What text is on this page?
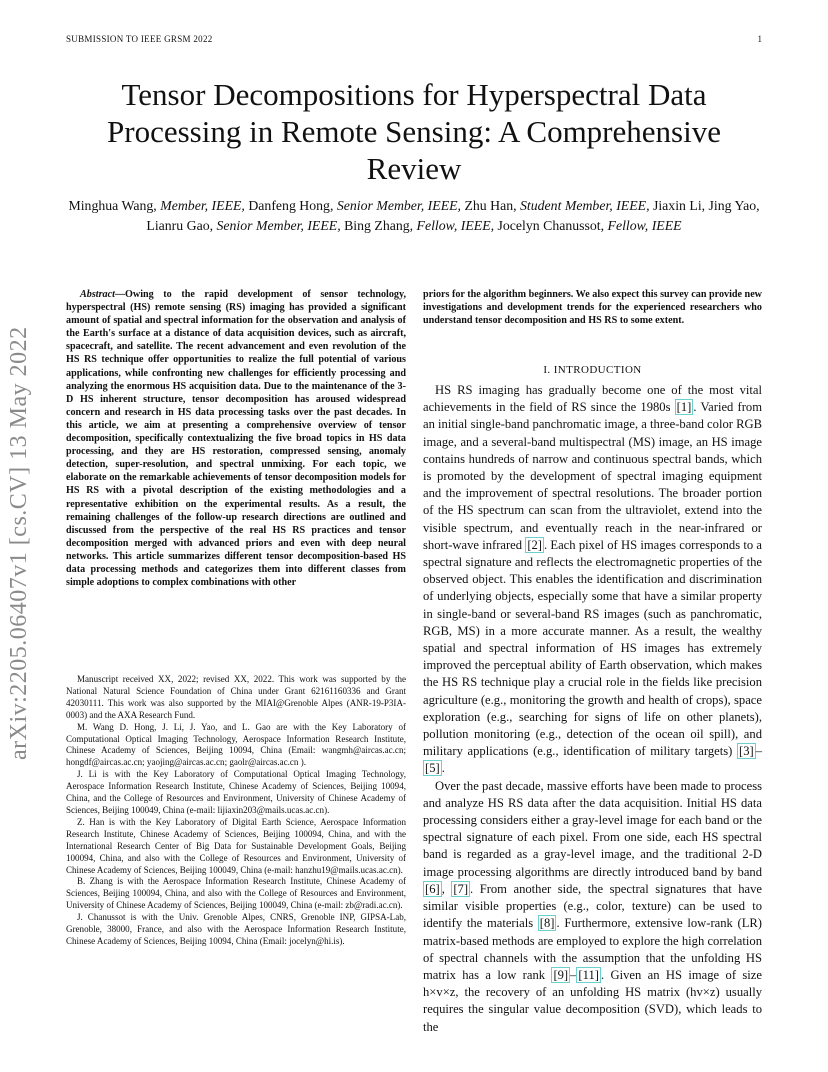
SUBMISSION TO IEEE GRSM 2022	1
arXiv:2205.06407v1 [cs.CV] 13 May 2022
Tensor Decompositions for Hyperspectral Data Processing in Remote Sensing: A Comprehensive Review
Minghua Wang, Member, IEEE, Danfeng Hong, Senior Member, IEEE, Zhu Han, Student Member, IEEE, Jiaxin Li, Jing Yao, Lianru Gao, Senior Member, IEEE, Bing Zhang, Fellow, IEEE, Jocelyn Chanussot, Fellow, IEEE
Abstract—Owing to the rapid development of sensor technology, hyperspectral (HS) remote sensing (RS) imaging has provided a significant amount of spatial and spectral information for the observation and analysis of the Earth's surface at a distance of data acquisition devices, such as aircraft, spacecraft, and satellite. The recent advancement and even revolution of the HS RS technique offer opportunities to realize the full potential of various applications, while confronting new challenges for efficiently processing and analyzing the enormous HS acquisition data. Due to the maintenance of the 3-D HS inherent structure, tensor decomposition has aroused widespread concern and research in HS data processing tasks over the past decades. In this article, we aim at presenting a comprehensive overview of tensor decomposition, specifically contextualizing the five broad topics in HS data processing, and they are HS restoration, compressed sensing, anomaly detection, super-resolution, and spectral unmixing. For each topic, we elaborate on the remarkable achievements of tensor decomposition models for HS RS with a pivotal description of the existing methodologies and a representative exhibition on the experimental results. As a result, the remaining challenges of the follow-up research directions are outlined and discussed from the perspective of the real HS RS practices and tensor decomposition merged with advanced priors and even with deep neural networks. This article summarizes different tensor decomposition-based HS data processing methods and categorizes them into different classes from simple adoptions to complex combinations with other

Manuscript received XX, 2022; revised XX, 2022. This work was supported by the National Natural Science Foundation of China under Grant 62161160336 and Grant 42030111. This work was also supported by the MIAI@Grenoble Alpes (ANR-19-P3IA-0003) and the AXA Research Fund.

M. Wang D. Hong, J. Li, J. Yao, and L. Gao are with the Key Laboratory of Computational Optical Imaging Technology, Aerospace Information Research Institute, Chinese Academy of Sciences, Beijing 10094, China (Email: wangmh@aircas.ac.cn; hongdf@aircas.ac.cn; yaojing@aircas.ac.cn; gaolr@aircas.ac.cn ).

J. Li is with the Key Laboratory of Computational Optical Imaging Technology, Aerospace Information Research Institute, Chinese Academy of Sciences, Beijing 10094, China, and the College of Resources and Environment, University of Chinese Academy of Sciences, Beijing 100049, China (e-mail: lijiaxin203@mails.ucas.ac.cn).

Z. Han is with the Key Laboratory of Digital Earth Science, Aerospace Information Research Institute, Chinese Academy of Sciences, Beijing 100094, China, and with the International Research Center of Big Data for Sustainable Development Goals, Beijing 100094, China, and also with the College of Resources and Environment, University of Chinese Academy of Sciences, Beijing 100049, China (e-mail: hanzhu19@mails.ucas.ac.cn).

B. Zhang is with the Aerospace Information Research Institute, Chinese Academy of Sciences, Beijing 100094, China, and also with the College of Resources and Environment, University of Chinese Academy of Sciences, Beijing 100049, China (e-mail: zb@radi.ac.cn).

J. Chanussot is with the Univ. Grenoble Alpes, CNRS, Grenoble INP, GIPSA-Lab, Grenoble, 38000, France, and also with the Aerospace Information Research Institute, Chinese Academy of Sciences, Beijing 10094, China (Email: jocelyn@hi.is).

priors for the algorithm beginners. We also expect this survey can provide new investigations and development trends for the experienced researchers who understand tensor decomposition and HS RS to some extent.
I. INTRODUCTION

HS RS imaging has gradually become one of the most vital achievements in the field of RS since the 1980s [1] . Varied from an initial single-band panchromatic image, a three-band color RGB image, and a several-band multispectral (MS) image, an HS image contains hundreds of narrow and continuous spectral bands, which is promoted by the development of spectral imaging equipment and the improvement of spectral resolutions. The broader portion of the HS spectrum can scan from the ultraviolet, extend into the visible spectrum, and eventually reach in the near-infrared or short-wave infrared [2] . Each pixel of HS images corresponds to a spectral signature and reflects the electromagnetic properties of the observed object. This enables the identification and discrimination of underlying objects, especially some that have a similar property in single-band or several-band RS images (such as panchromatic, RGB, MS) in a more accurate manner. As a result, the wealthy spatial and spectral information of HS images has extremely improved the perceptual ability of Earth observation, which makes the HS RS technique play a crucial role in the fields like precision agriculture (e.g., monitoring the growth and health of crops), space exploration (e.g., searching for signs of life on other planets), pollution monitoring (e.g., detection of the ocean oil spill), and military applications (e.g., identification of military targets) [3] –[5] .

Over the past decade, massive efforts have been made to process and analyze HS RS data after the data acquisition. Initial HS data processing considers either a gray-level image for each band or the spectral signature of each pixel. From one side, each HS spectral band is regarded as a gray-level image, and the traditional 2-D image processing algorithms are directly introduced band by band [6] , [7] . From another side, the spectral signatures that have similar visible properties (e.g., color, texture) can be used to identify the materials [8] . Furthermore, extensive low-rank (LR) matrix-based methods are employed to explore the high correlation of spectral channels with the assumption that the unfolding HS matrix has a low rank [9] – [11] . Given an HS image of size h×v×z, the recovery of an unfolding HS matrix (hv×z) usually requires the singular value decomposition (SVD), which leads to the
